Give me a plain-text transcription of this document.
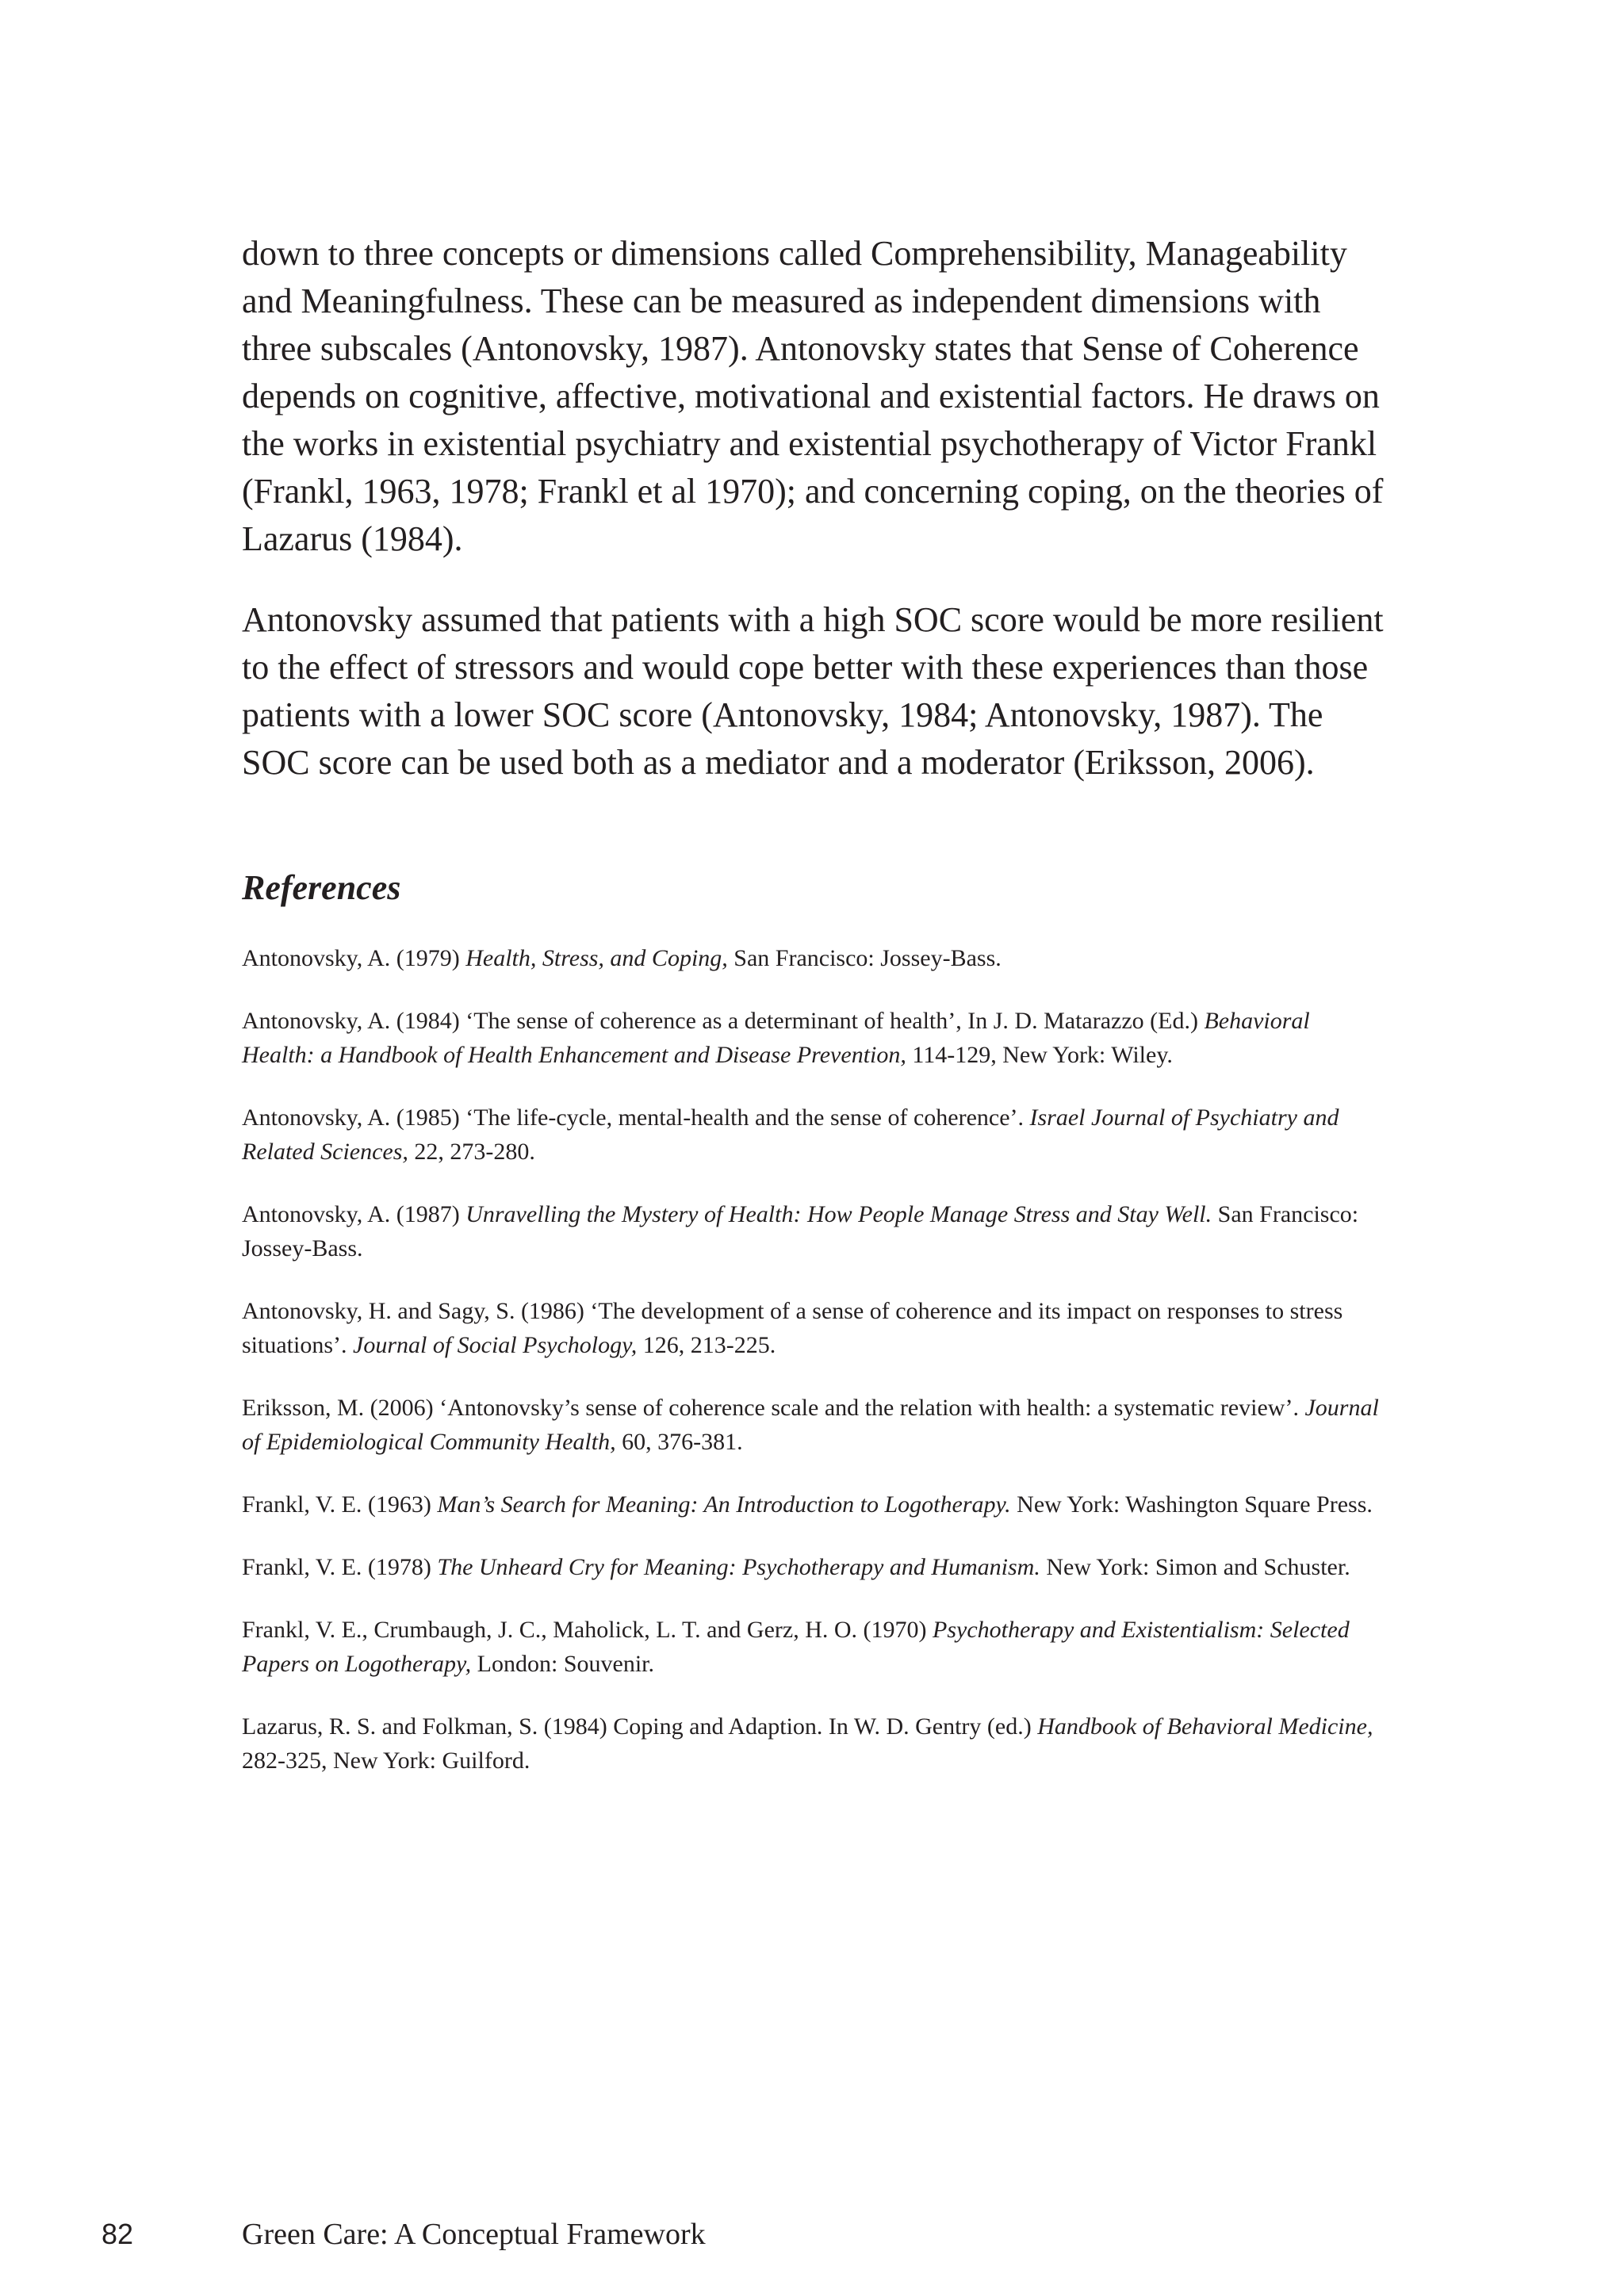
down to three concepts or dimensions called Comprehensibility, Manageability and Meaningfulness. These can be measured as independent dimensions with three subscales (Antonovsky, 1987). Antonovsky states that Sense of Coherence depends on cognitive, affective, motivational and existential factors. He draws on the works in existential psychiatry and existential psychotherapy of Victor Frankl (Frankl, 1963, 1978; Frankl et al 1970); and concerning coping, on the theories of Lazarus (1984).

Antonovsky assumed that patients with a high SOC score would be more resilient to the effect of stressors and would cope better with these experiences than those patients with a lower SOC score (Antonovsky, 1984; Antonovsky, 1987). The SOC score can be used both as a mediator and a moderator (Eriksson, 2006).

References
Antonovsky, A. (1979) Health, Stress, and Coping, San Francisco: Jossey-Bass.
Antonovsky, A. (1984) ‘The sense of coherence as a determinant of health’, In J. D. Matarazzo (Ed.) Behavioral Health: a Handbook of Health Enhancement and Disease Prevention, 114-129, New York: Wiley.
Antonovsky, A. (1985) ‘The life-cycle, mental-health and the sense of coherence’. Israel Journal of Psychiatry and Related Sciences, 22, 273-280.
Antonovsky, A. (1987) Unravelling the Mystery of Health: How People Manage Stress and Stay Well. San Francisco: Jossey-Bass.
Antonovsky, H. and Sagy, S. (1986) ‘The development of a sense of coherence and its impact on responses to stress situations’. Journal of Social Psychology, 126, 213-225.
Eriksson, M. (2006) ‘Antonovsky’s sense of coherence scale and the relation with health: a systematic review’. Journal of Epidemiological Community Health, 60, 376-381.
Frankl, V. E. (1963) Man’s Search for Meaning: An Introduction to Logotherapy. New York: Washington Square Press.
Frankl, V. E. (1978) The Unheard Cry for Meaning: Psychotherapy and Humanism. New York: Simon and Schuster.
Frankl, V. E., Crumbaugh, J. C., Maholick, L. T. and Gerz, H. O. (1970) Psychotherapy and Existentialism: Selected Papers on Logotherapy, London: Souvenir.
Lazarus, R. S. and Folkman, S. (1984) Coping and Adaption. In W. D. Gentry (ed.) Handbook of Behavioral Medicine, 282-325, New York: Guilford.
82	Green Care: A Conceptual Framework
